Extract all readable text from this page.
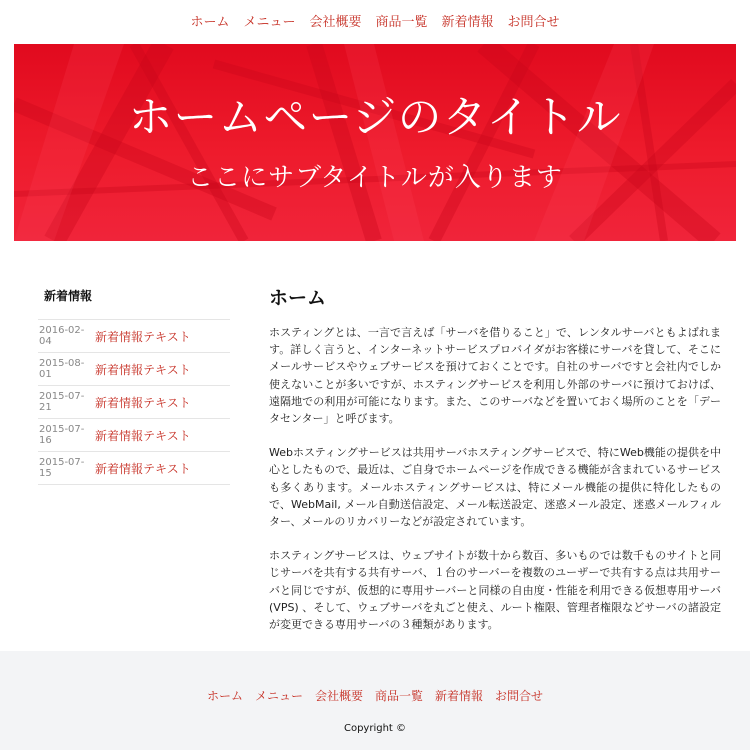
ホーム	メニュー	会社概要	商品一覧	新着情報	お問合せ
ホームページのタイトル
ここにサブタイトルが入ります
新着情報
2016-02-04	新着情報テキスト
2015-08-01	新着情報テキスト
2015-07-21	新着情報テキスト
2015-07-16	新着情報テキスト
2015-07-15	新着情報テキスト
ホーム

ホスティングとは、一言で言えば「サーバを借りること」で、レンタルサーバともよばれます。詳しく言うと、インターネットサービスプロバイダがお客様にサーバを貸して、そこにメールサービスやウェブサービスを預けておくことです。自社のサーバですと会社内でしか使えないことが多いですが、ホスティングサービスを利用し外部のサーバに預けておけば、遠隔地での利用が可能になります。また、このサーバなどを置いておく場所のことを「データセンター」と呼びます。

Webホスティングサービスは共用サーバホスティングサービスで、特にWeb機能の提供を中心としたもので、最近は、ご自身でホームページを作成できる機能が含まれているサービスも多くあります。メールホスティングサービスは、特にメール機能の提供に特化したもので、WebMail, メール自動送信設定、メール転送設定、迷惑メール設定、迷惑メールフィルター、メールのリカバリーなどが設定されています。

ホスティングサービスは、ウェブサイトが数十から数百、多いものでは数千ものサイトと同じサーバを共有する共有サーバ、１台のサーバーを複数のユーザーで共有する点は共用サーバと同じですが、仮想的に専用サーバーと同様の自由度・性能を利用できる仮想専用サーバ(VPS) 、そして、ウェブサーバを丸ごと使え、ルート権限、管理者権限などサーバの諸設定が変更できる専用サーバの３種類があります。

ホーム	メニュー	会社概要	商品一覧	新着情報	お問合せ
Copyright ©
